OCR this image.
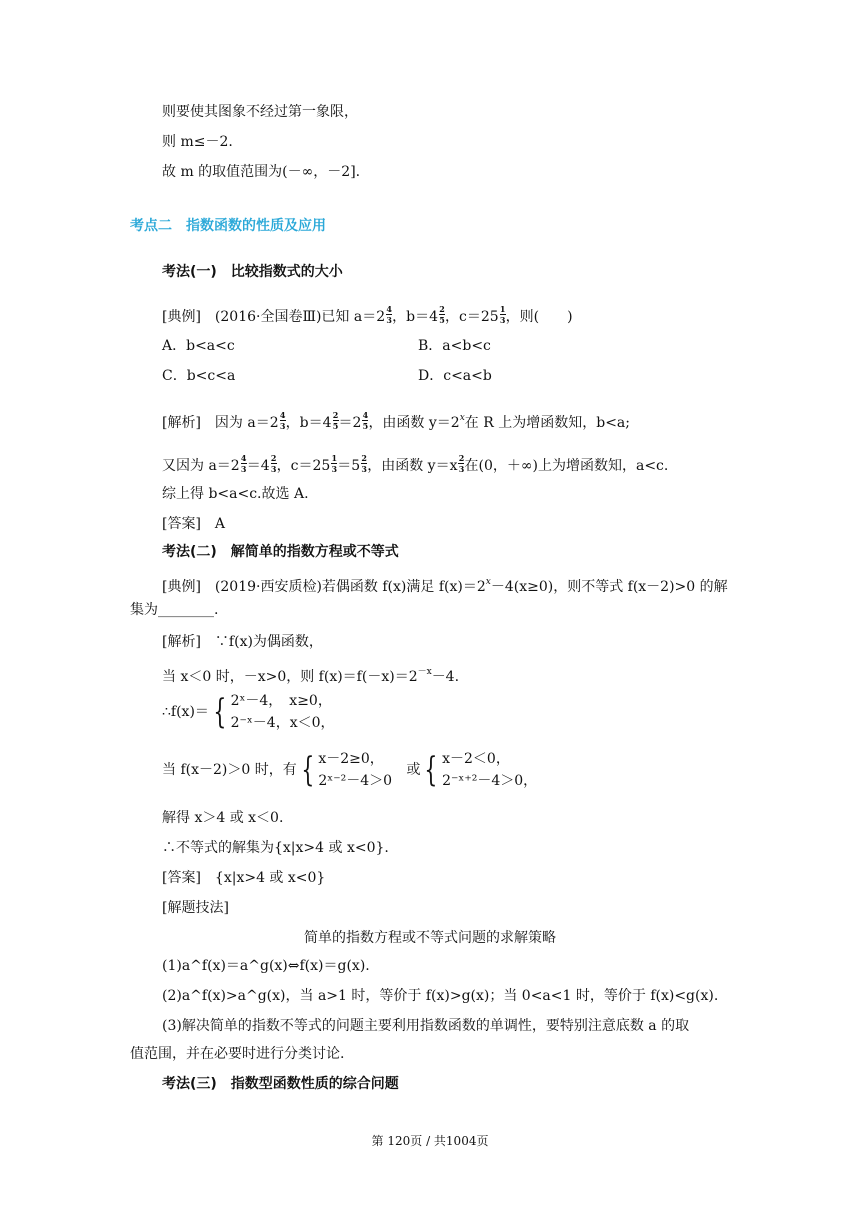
则要使其图象不经过第一象限，
则 m≤－2.
故 m 的取值范围为(－∞，－2].
考点二　指数函数的性质及应用
考法(一)　比较指数式的大小
[典例]　(2016·全国卷Ⅲ)已知 $a=2 \frac{4}{3}$ ，$b=4 \frac{2}{5}$ ，$c=25 \frac{1}{3}$ ，则(　　)
A．b<a<c	B．a<b<c
C．b<c<a	D．c<a<b
[解析]　因为 $a=2 \frac{4}{3}$ ，$b=4 \frac{2}{5} =2 \frac{4}{5}$ ，由函数 $y=2^x$在 R 上为增函数知，b<a;
又因为 $a=2 \frac{4}{3} =4 \frac{2}{3}$ ，$c=25 \frac{1}{3} =5 \frac{2}{3}$ ，由函数 $y=x \frac{2}{3}$ 在(0，＋∞)上为增函数知，a<c.
综上得 b<a<c.故选 A.
[答案]　A
考法(二)　解简单的指数方程或不等式
[典例]　(2019·西安质检)若偶函数 f(x)满足 $f(x)=2^x-4(x\ge 0)$，则不等式 f(x－2)>0 的解
集为________.
[解析]　∵f(x)为偶函数，
当 x＜0 时，－x>0，则 $f(x)=f(-x)=2^{-x}-4$.
∴f(x)＝ { 2ˣ－4，　x≥0，
2⁻ˣ－4，x＜0，
当 f(x－2)＞0 时，有 { x－2≥0，
2ˣ⁻²－4＞0 或 { x－2＜0，
2⁻ˣ⁺²－4＞0，
解得 x＞4 或 x＜0.
∴不等式的解集为{x|x>4 或 x<0}.
[答案]　{x|x>4 或 x<0}
[解题技法]
简单的指数方程或不等式问题的求解策略
(1)a^f(x)＝a^g(x)⇔f(x)＝g(x).
(2)a^f(x)>a^g(x)，当 a>1 时，等价于 f(x)>g(x)；当 0<a<1 时，等价于 f(x)<g(x).
(3)解决简单的指数不等式的问题主要利用指数函数的单调性，要特别注意底数 a 的取
值范围，并在必要时进行分类讨论.
考法(三)　指数型函数性质的综合问题
第 120页 / 共1004页
